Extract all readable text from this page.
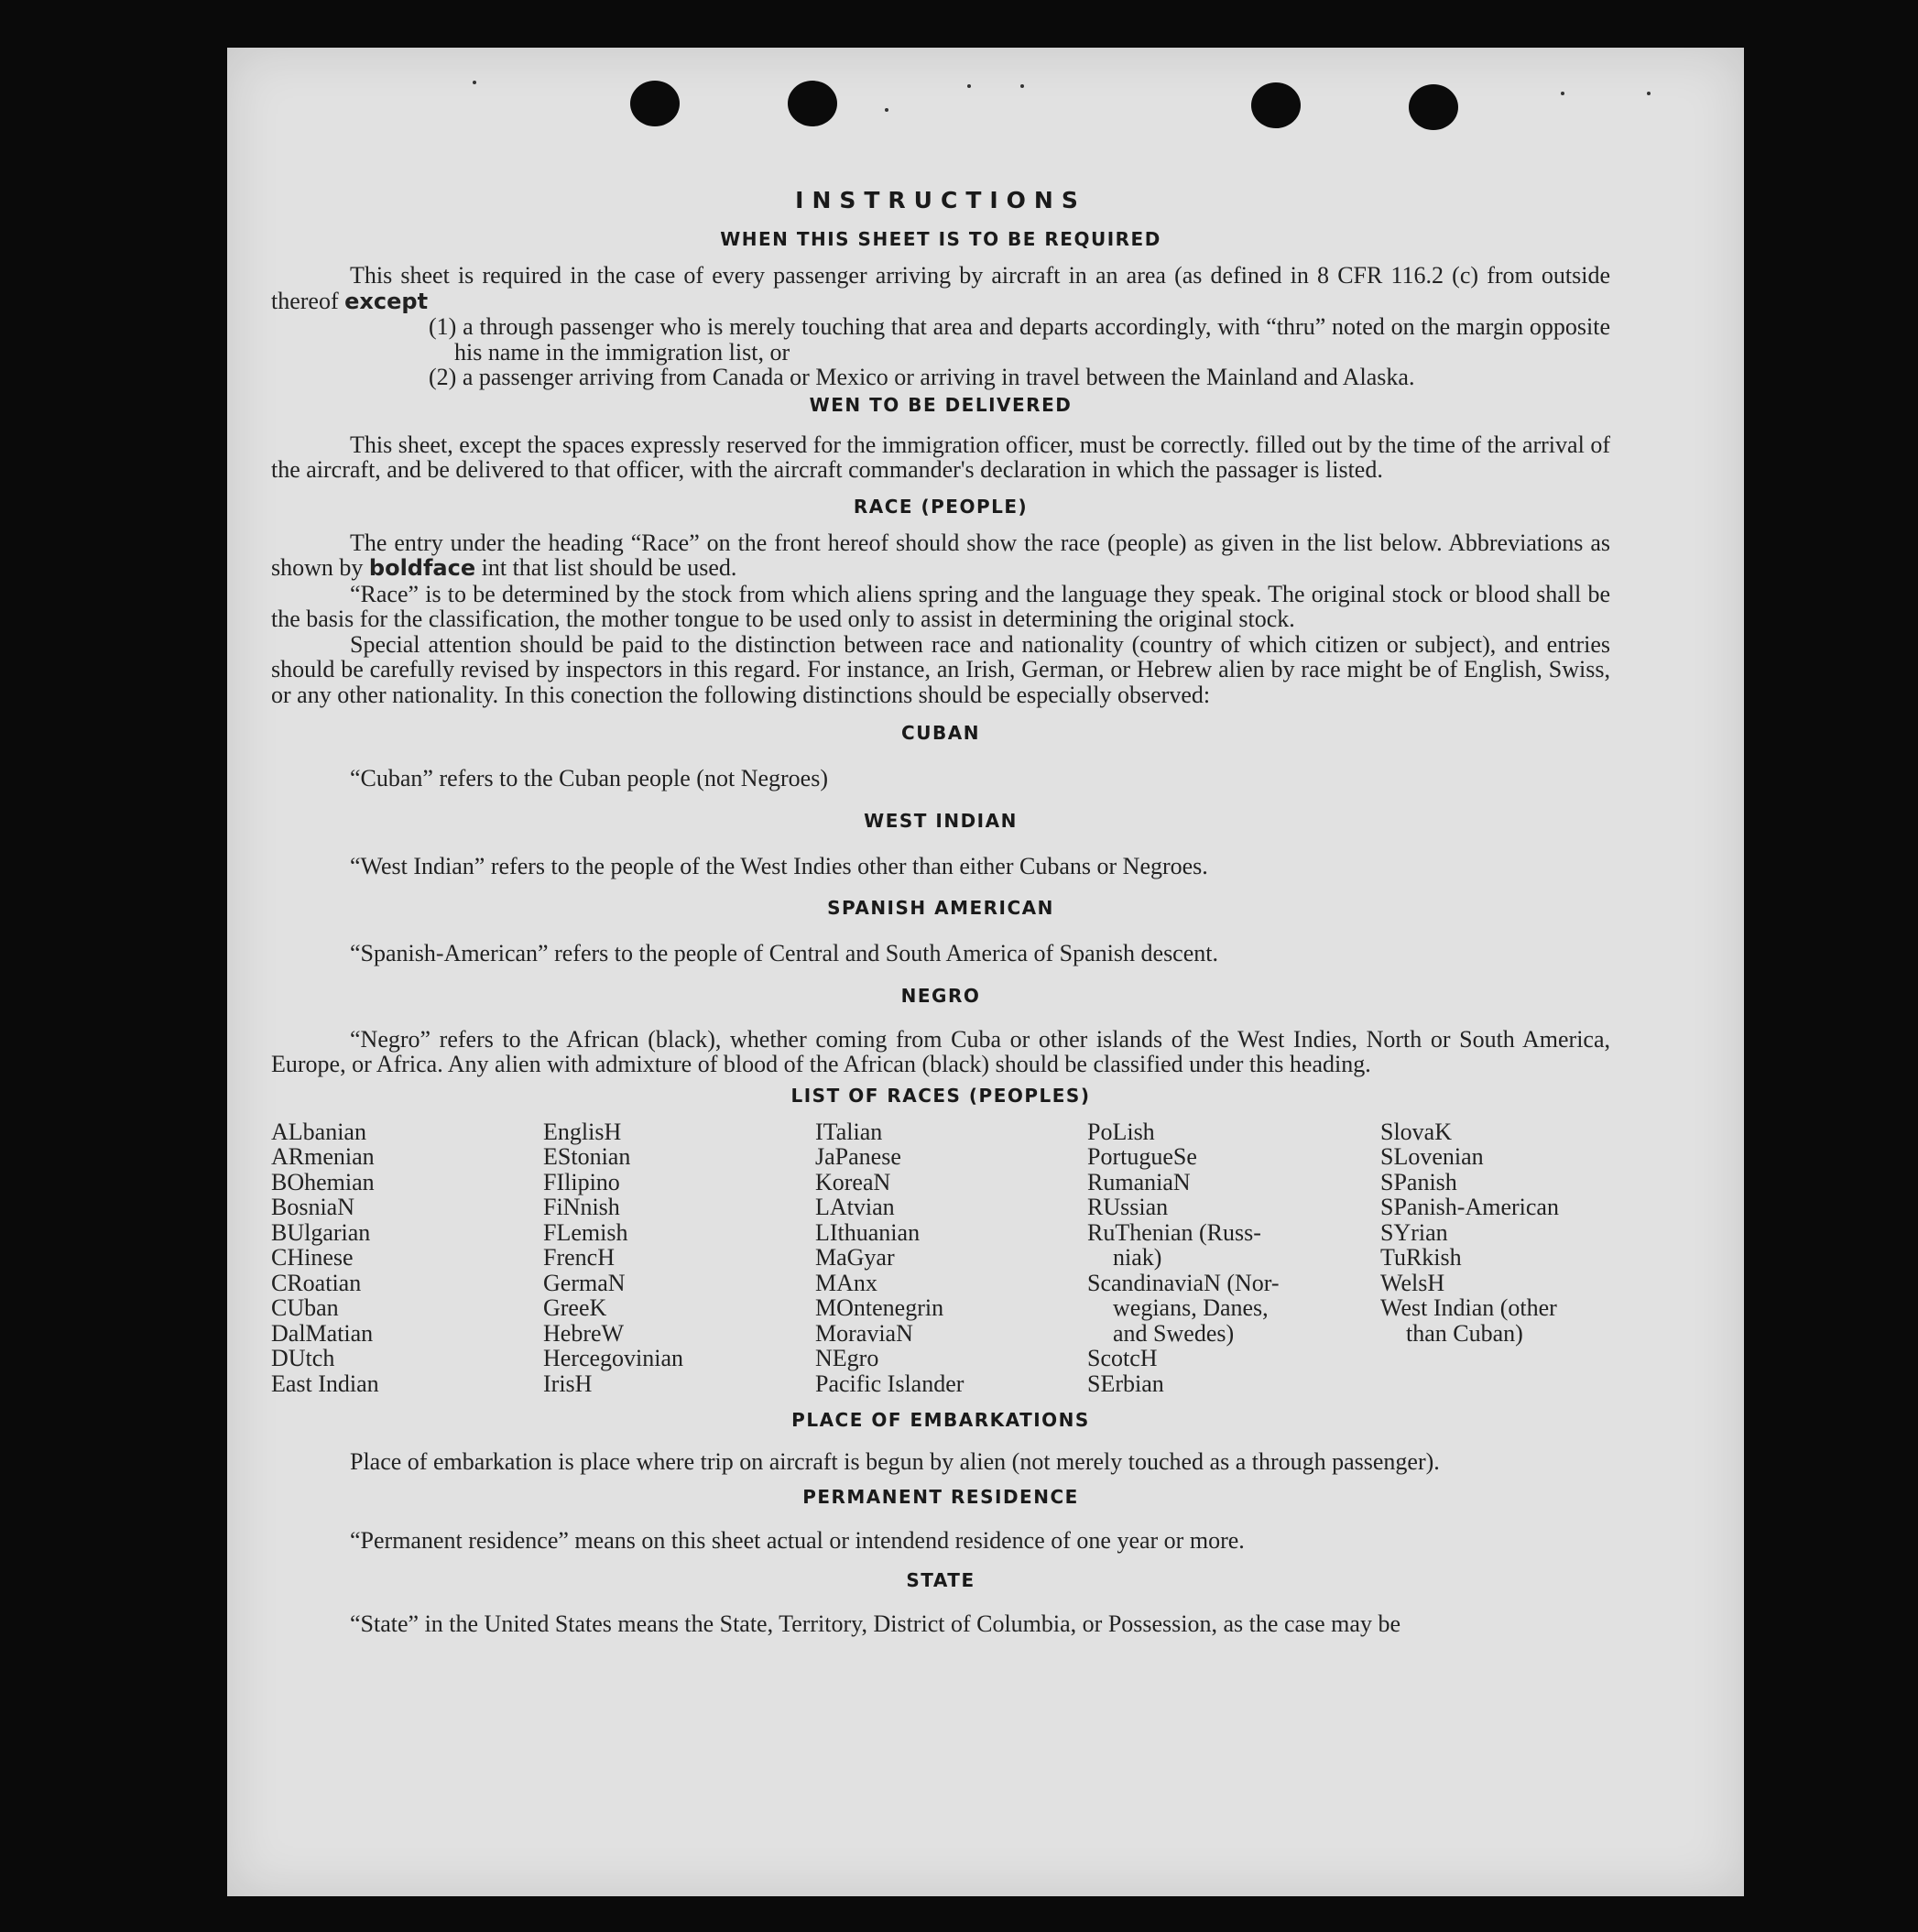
INSTRUCTIONS
WHEN THIS SHEET IS TO BE REQUIRED

This sheet is required in the case of every passenger arriving by aircraft in an area (as defined in 8 CFR 116.2 (c) from outside thereof except

(1) a through passenger who is merely touching that area and departs accordingly, with “thru” noted on the margin opposite his name in the immigration list, or

(2) a passenger arriving from Canada or Mexico or arriving in travel between the Mainland and Alaska.

WEN TO BE DELIVERED

This sheet, except the spaces expressly reserved for the immigration officer, must be correctly. filled out by the time of the arrival of the aircraft, and be delivered to that officer, with the aircraft commander's declaration in which the passager is listed.

RACE (PEOPLE)

The entry under the heading “Race” on the front hereof should show the race (people) as given in the list below. Abbreviations as shown by boldface int that list should be used.

“Race” is to be determined by the stock from which aliens spring and the language they speak. The original stock or blood shall be the basis for the classification, the mother tongue to be used only to assist in determining the original stock.

Special attention should be paid to the distinction between race and nationality (country of which citizen or subject), and entries should be carefully revised by inspectors in this regard. For instance, an Irish, German, or Hebrew alien by race might be of English, Swiss, or any other nationality. In this conection the following distinctions should be especially observed:

CUBAN

“Cuban” refers to the Cuban people (not Negroes)

WEST INDIAN

“West Indian” refers to the people of the West Indies other than either Cubans or Negroes.

SPANISH AMERICAN

“Spanish-American” refers to the people of Central and South America of Spanish descent.

NEGRO

“Negro” refers to the African (black), whether coming from Cuba or other islands of the West Indies, North or South America, Europe, or Africa. Any alien with admixture of blood of the African (black) should be classified under this heading.

LIST OF RACES (PEOPLES)
ALbanian
ARmenian
BOhemian
BosniaN
BUlgarian
CHinese
CRoatian
CUban
DalMatian
DUtch
East Indian
EnglisH
EStonian
FIlipino
FiNnish
FLemish
FrencH
GermaN
GreeK
HebreW
Hercegovinian
IrisH
ITalian
JaPanese
KoreaN
LAtvian
LIthuanian
MaGyar
MAnx
MOntenegrin
MoraviaN
NEgro
Pacific Islander
PoLish
PortugueSe
RumaniaN
RUssian
RuThenian (Russ-
niak)
ScandinaviaN (Nor-
wegians, Danes,
and Swedes)
ScotcH
SErbian
SlovaK
SLovenian
SPanish
SPanish-American
SYrian
TuRkish
WelsH
West Indian (other
than Cuban)
PLACE OF EMBARKATIONS

Place of embarkation is place where trip on aircraft is begun by alien (not merely touched as a through passenger).

PERMANENT RESIDENCE

“Permanent residence” means on this sheet actual or intendend residence of one year or more.

STATE

“State” in the United States means the State, Territory, District of Columbia, or Possession, as the case may be
